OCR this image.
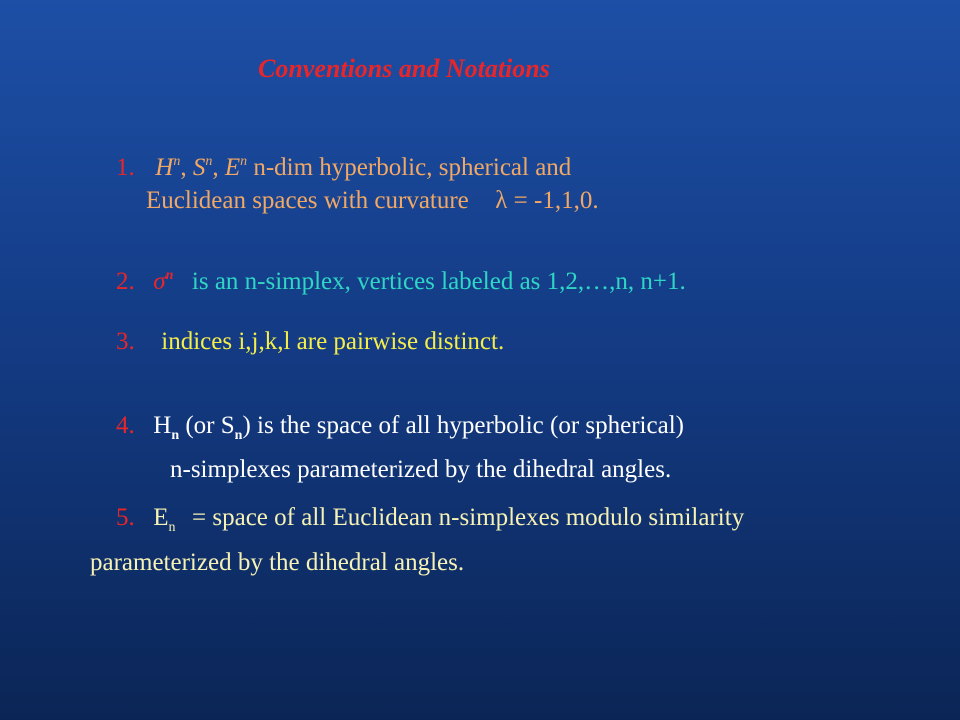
Conventions and Notations
1. $H^n$, $S^n$, $E^n$ n-dim hyperbolic, spherical and
Euclidean spaces with curvature λ = -1,1,0.
2. $\sigma^n$ is an n-simplex, vertices labeled as 1,2,…,n, n+1.
3. indices i,j,k,l are pairwise distinct.
4. $H_n$ (or $S_n$) is the space of all hyperbolic (or spherical)
n-simplexes parameterized by the dihedral angles.
5. $E_n$ = space of all Euclidean n-simplexes modulo similarity
parameterized by the dihedral angles.
